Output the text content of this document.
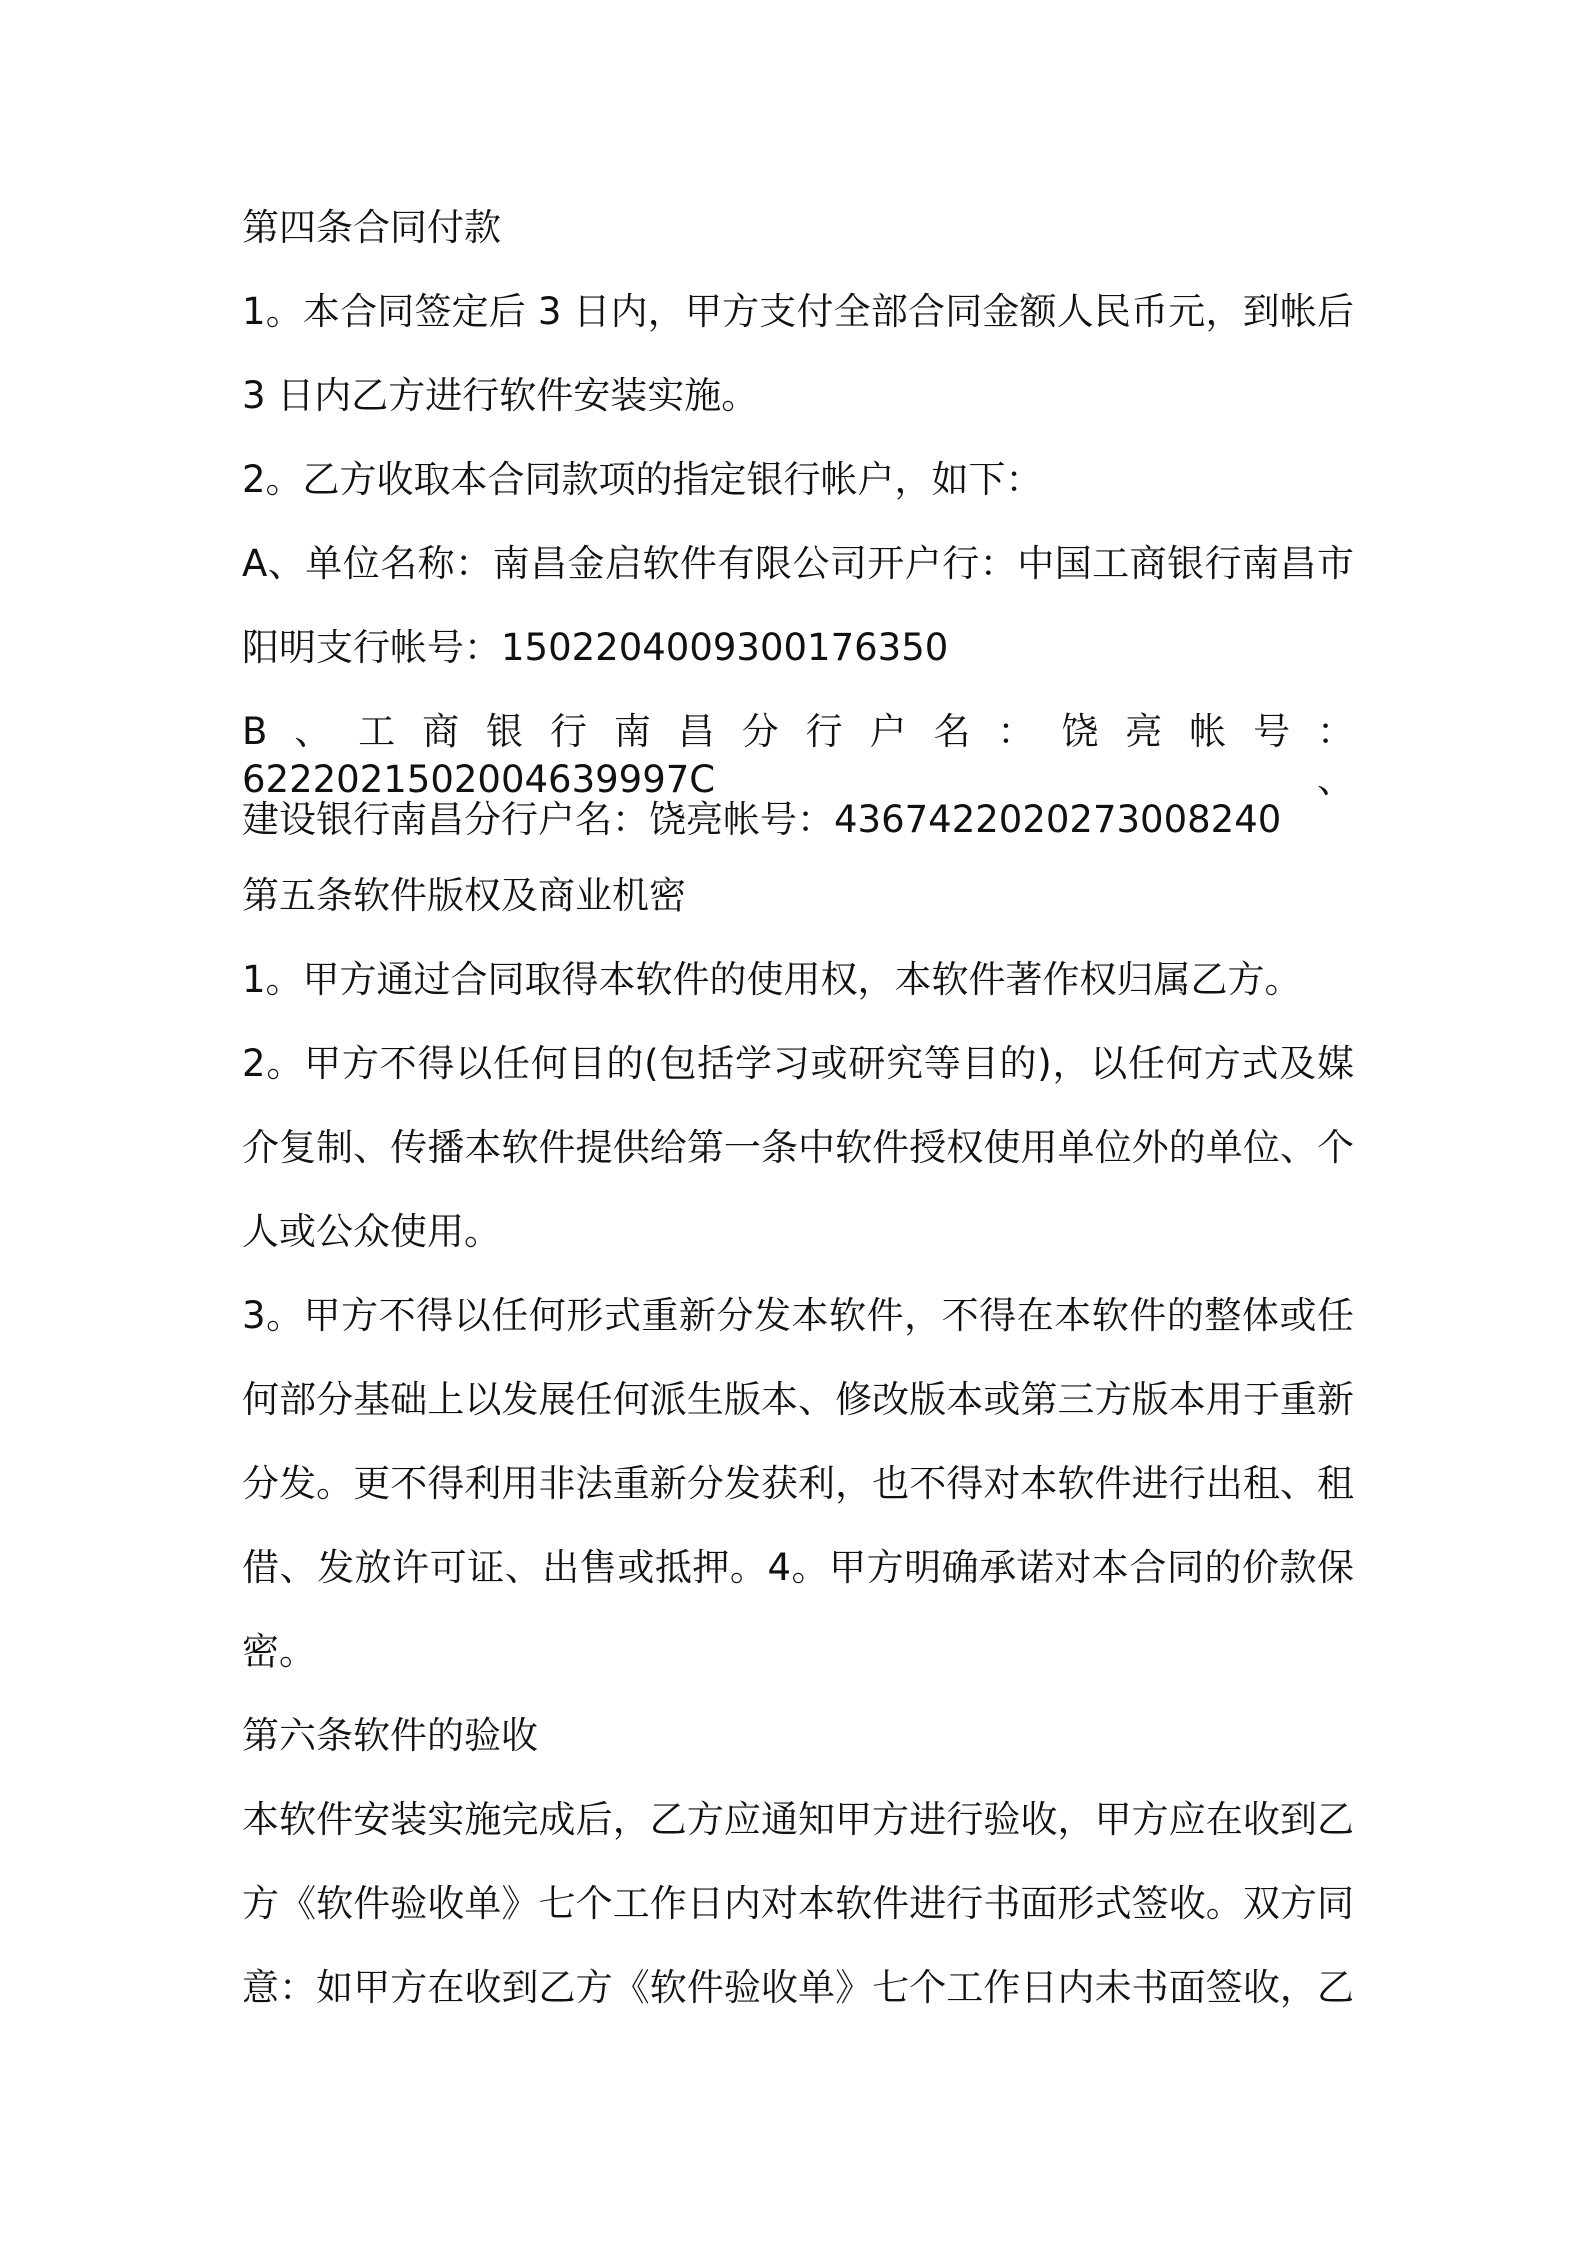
第四条合同付款
1。本合同签定后 3 日内，甲方支付全部合同金额人民币元，到帐后
3 日内乙方进行软件安装实施。
2。乙方收取本合同款项的指定银行帐户，如下：
A、单位名称：南昌金启软件有限公司开户行：中国工商银行南昌市
阳明支行帐号：1502204009300176350
B、工商银行南昌分行户名：饶亮帐号：6222021502004639997C、
建设银行南昌分行户名：饶亮帐号：4367422020273008240
第五条软件版权及商业机密
1。甲方通过合同取得本软件的使用权，本软件著作权归属乙方。
2。甲方不得以任何目的(包括学习或研究等目的)，以任何方式及媒
介复制、传播本软件提供给第一条中软件授权使用单位外的单位、个
人或公众使用。
3。甲方不得以任何形式重新分发本软件，不得在本软件的整体或任
何部分基础上以发展任何派生版本、修改版本或第三方版本用于重新
分发。更不得利用非法重新分发获利，也不得对本软件进行出租、租
借、发放许可证、出售或抵押。4。甲方明确承诺对本合同的价款保
密。
第六条软件的验收
本软件安装实施完成后，乙方应通知甲方进行验收，甲方应在收到乙
方《软件验收单》七个工作日内对本软件进行书面形式签收。双方同
意：如甲方在收到乙方《软件验收单》七个工作日内未书面签收，乙
